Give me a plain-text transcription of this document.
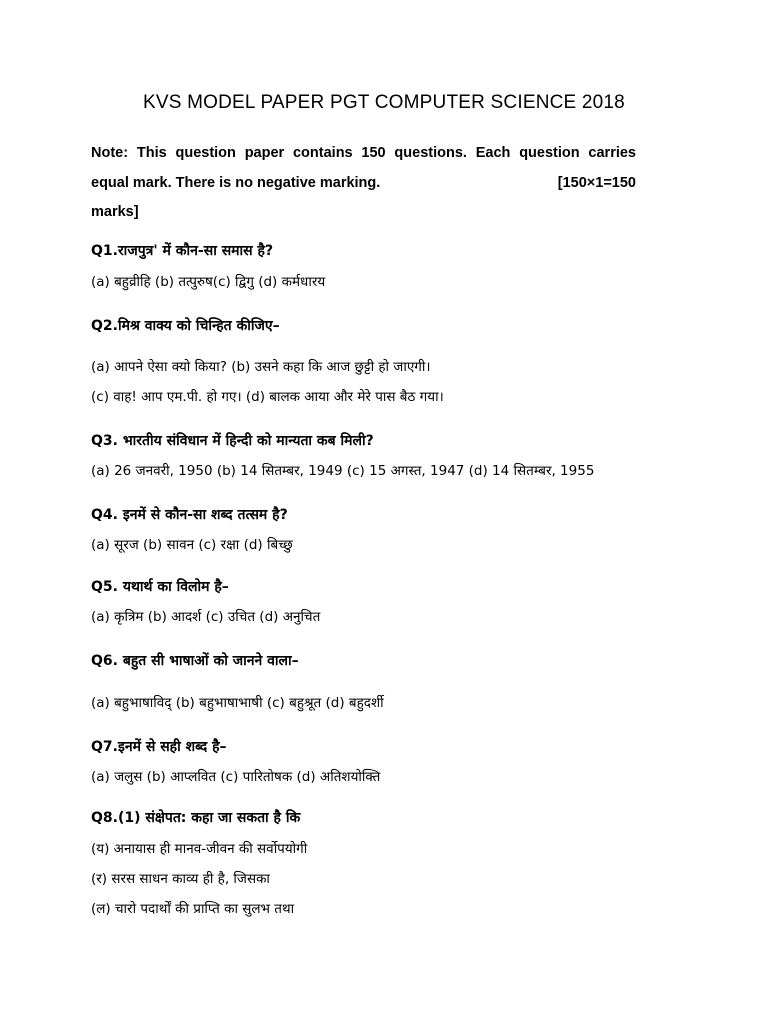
KVS MODEL PAPER PGT COMPUTER SCIENCE 2018
Note: This question paper contains 150 questions. Each question carries
equal mark. There is no negative marking.	[150×1=150
marks]
Q1.राजपुत्र' में कौन-सा समास है?
(a) बहुव्रीहि (b) तत्पुरुष(c) द्विगु (d) कर्मधारय
Q2.मिश्र वाक्य को चिन्हित कीजिए–
(a) आपने ऐसा क्यो किया? (b) उसने कहा कि आज छुट्टी हो जाएगी।
(c) वाह! आप एम.पी. हो गए। (d) बालक आया और मेरे पास बैठ गया।
Q3. भारतीय संविधान में हिन्दी को मान्यता कब मिली?
(a) 26 जनवरी, 1950 (b) 14 सितम्बर, 1949 (c) 15 अगस्त, 1947 (d) 14 सितम्बर, 1955
Q4. इनमें से कौन-सा शब्द तत्सम है?
(a) सूरज (b) सावन (c) रक्षा (d) बिच्छु
Q5. यथार्थ का विलोम है–
(a) कृत्रिम (b) आदर्श (c) उचित (d) अनुचित
Q6. बहुत सी भाषाओं को जानने वाला–
(a) बहुभाषाविद् (b) बहुभाषाभाषी (c) बहुश्रूत (d) बहुदर्शी
Q7.इनमें से सही शब्द है–
(a) जलुस (b) आप्लवित (c) पारितोषक (d) अतिशयोक्ति
Q8.(1) संक्षेपत: कहा जा सकता है कि
(य) अनायास ही मानव-जीवन की सर्वोपयोगी
(र) सरस साधन काव्य ही है, जिसका
(ल) चारो पदार्थों की प्राप्ति का सुलभ तथा
